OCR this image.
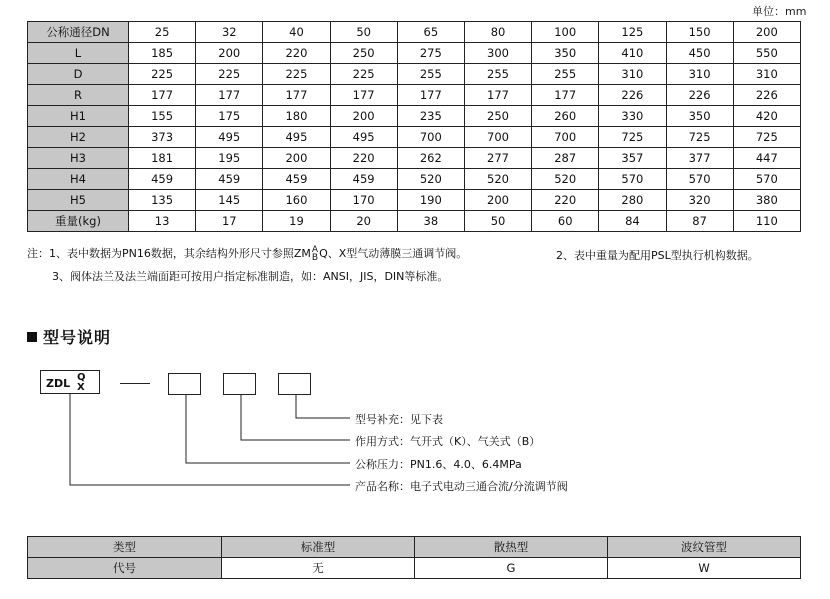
单位：mm
公称通径DN	25	32	40	50	65	80	100	125	150	200
L	185	200	220	250	275	300	350	410	450	550
D	225	225	225	225	255	255	255	310	310	310
R	177	177	177	177	177	177	177	226	226	226
H1	155	175	180	200	235	250	260	330	350	420
H2	373	495	495	495	700	700	700	725	725	725
H3	181	195	200	220	262	277	287	357	377	447
H4	459	459	459	459	520	520	520	570	570	570
H5	135	145	160	170	190	200	220	280	320	380
重量(kg)	13	17	19	20	38	50	60	84	87	110
注：1、表中数据为PN16数据，其余结构外形尺寸参照ZM A
B Q、X型气动薄膜三通调节阀。	2、表中重量为配用PSL型执行机构数据。
3、阀体法兰及法兰端面距可按用户指定标准制造，如：ANSI，JIS，DIN等标准。
型号说明
ZDL Q
X
型号补充：见下表
作用方式：气开式（K）、气关式（B）
公称压力：PN1.6、4.0、6.4MPa
产品名称：电子式电动三通合流/分流调节阀
类型	标准型	散热型	波纹管型
代号	无	G	W
